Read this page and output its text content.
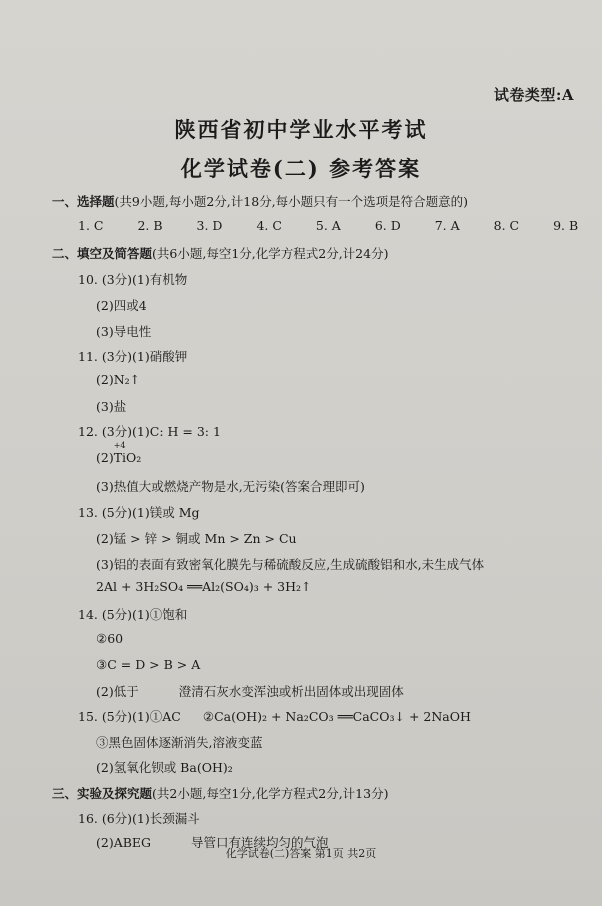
试卷类型:A
陕西省初中学业水平考试
化学试卷(二) 参考答案
一、选择题(共9小题,每小题2分,计18分,每小题只有一个选项是符合题意的)
1. C	2. B	3. D	4. C	5. A	6. D	7. A	8. C	9. B
二、填空及简答题(共6小题,每空1分,化学方程式2分,计24分)
10. (3分)(1)有机物
(2)四或4
(3)导电性
11. (3分)(1)硝酸钾
(2)N₂↑
(3)盐
12. (3分)(1)C: H = 3: 1
(2)
+4
TiO₂
(3)热值大或燃烧产物是水,无污染(答案合理即可)
13. (5分)(1)镁或 Mg
(2)锰 > 锌 > 铜或 Mn > Zn > Cu
(3)铝的表面有致密氧化膜先与稀硫酸反应,生成硫酸铝和水,未生成气体
2Al + 3H₂SO₄ ══Al₂(SO₄)₃ + 3H₂↑
14. (5分)(1)①饱和
②60
③C = D > B > A
(2)低于	澄清石灰水变浑浊或析出固体或出现固体
15. (5分)(1)①AC ②Ca(OH)₂ + Na₂CO₃ ══CaCO₃↓ + 2NaOH
③黑色固体逐渐消失,溶液变蓝
(2)氢氧化钡或 Ba(OH)₂
三、实验及探究题(共2小题,每空1分,化学方程式2分,计13分)
16. (6分)(1)长颈漏斗
(2)ABEG	导管口有连续均匀的气泡
化学试卷(二)答案 第1页 共2页
